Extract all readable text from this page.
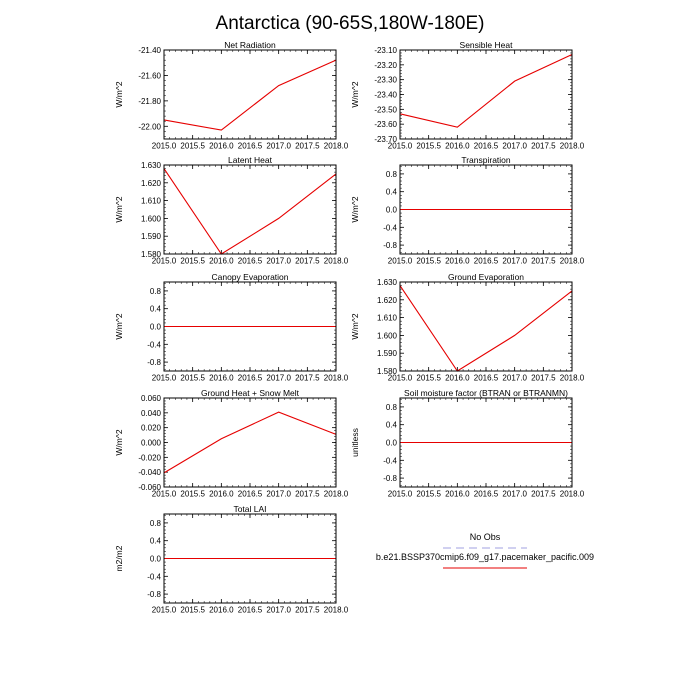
Antarctica (90-65S,180W-180E)
Net Radiation
W/m^2
2015.0 2015.5 2016.0 2016.5 2017.0 2017.5 2018.0
-22.00
-21.80
-21.60
-21.40
Sensible Heat
W/m^2
2015.0 2015.5 2016.0 2016.5 2017.0 2017.5 2018.0
-23.70
-23.60
-23.50
-23.40
-23.30
-23.20
-23.10
Latent Heat
W/m^2
2015.0 2015.5 2016.0 2016.5 2017.0 2017.5 2018.0
1.580
1.590
1.600
1.610
1.620
1.630
Transpiration
W/m^2
2015.0 2015.5 2016.0 2016.5 2017.0 2017.5 2018.0
-0.8
-0.4
0.0
0.4
0.8
Canopy Evaporation
W/m^2
2015.0 2015.5 2016.0 2016.5 2017.0 2017.5 2018.0
-0.8
-0.4
0.0
0.4
0.8
Ground Evaporation
W/m^2
2015.0 2015.5 2016.0 2016.5 2017.0 2017.5 2018.0
1.580
1.590
1.600
1.610
1.620
1.630
Ground Heat + Snow Melt
W/m^2
2015.0 2015.5 2016.0 2016.5 2017.0 2017.5 2018.0
-0.060
-0.040
-0.020
0.000
0.020
0.040
0.060
Soil moisture factor (BTRAN or BTRANMN)
unitless
2015.0 2015.5 2016.0 2016.5 2017.0 2017.5 2018.0
-0.8
-0.4
0.0
0.4
0.8
Total LAI
m2/m2
2015.0 2015.5 2016.0 2016.5 2017.0 2017.5 2018.0
-0.8
-0.4
0.0
0.4
0.8
No Obs
b.e21.BSSP370cmip6.f09_g17.pacemaker_pacific.009
